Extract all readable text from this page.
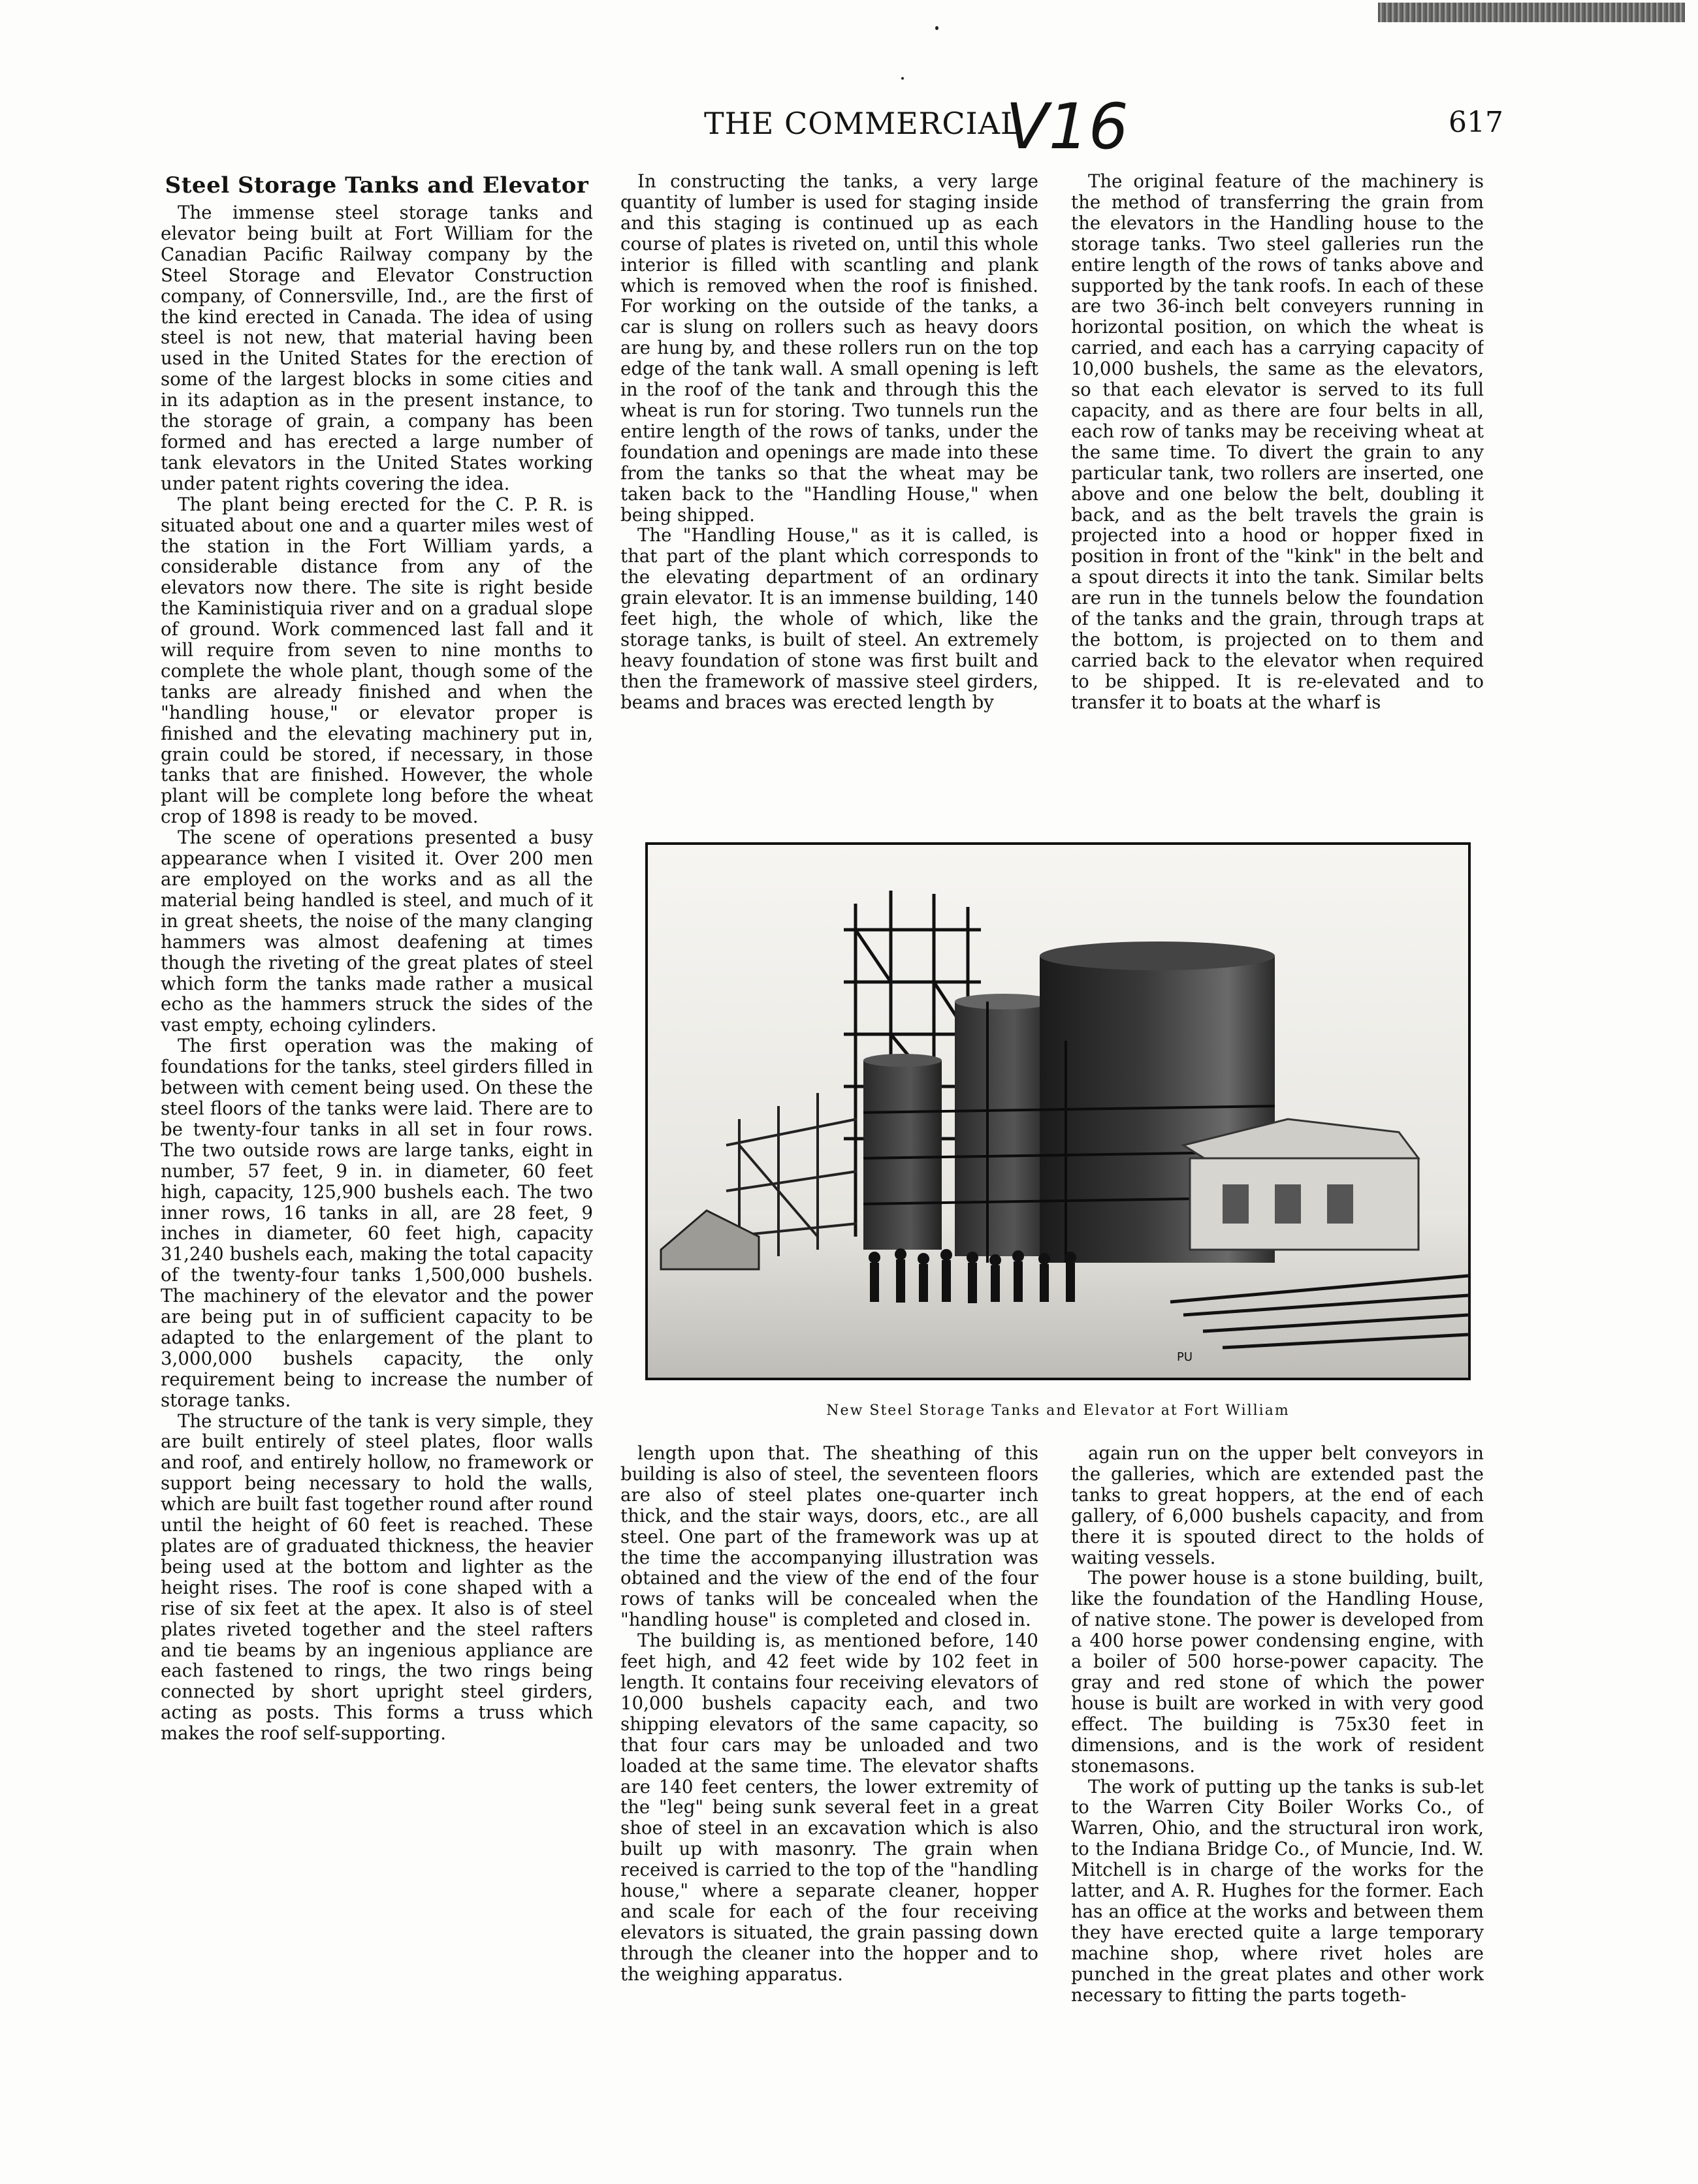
THE COMMERCIAL
V16	617
Steel Storage Tanks and Elevator

The immense steel storage tanks and elevator being built at Fort William for the Canadian Pacific Railway company by the Steel Storage and Elevator Construction company, of Connersville, Ind., are the first of the kind erected in Canada. The idea of using steel is not new, that material having been used in the United States for the erection of some of the largest blocks in some cities and in its adaption as in the present instance, to the storage of grain, a company has been formed and has erected a large number of tank elevators in the United States working under patent rights covering the idea.

The plant being erected for the C. P. R. is situated about one and a quarter miles west of the station in the Fort William yards, a considerable distance from any of the elevators now there. The site is right beside the Kaministiquia river and on a gradual slope of ground. Work commenced last fall and it will require from seven to nine months to complete the whole plant, though some of the tanks are already finished and when the "handling house," or elevator proper is finished and the elevating machinery put in, grain could be stored, if necessary, in those tanks that are finished. However, the whole plant will be complete long before the wheat crop of 1898 is ready to be moved.

The scene of operations presented a busy appearance when I visited it. Over 200 men are employed on the works and as all the material being handled is steel, and much of it in great sheets, the noise of the many clanging hammers was almost deafening at times though the riveting of the great plates of steel which form the tanks made rather a musical echo as the hammers struck the sides of the vast empty, echoing cylinders.

The first operation was the making of foundations for the tanks, steel girders filled in between with cement being used. On these the steel floors of the tanks were laid. There are to be twenty-four tanks in all set in four rows. The two outside rows are large tanks, eight in number, 57 feet, 9 in. in diameter, 60 feet high, capacity, 125,900 bushels each. The two inner rows, 16 tanks in all, are 28 feet, 9 inches in diameter, 60 feet high, capacity 31,240 bushels each, making the total capacity of the twenty-four tanks 1,500,000 bushels. The machinery of the elevator and the power are being put in of sufficient capacity to be adapted to the enlargement of the plant to 3,000,000 bushels capacity, the only requirement being to increase the number of storage tanks.

The structure of the tank is very simple, they are built entirely of steel plates, floor walls and roof, and entirely hollow, no framework or support being necessary to hold the walls, which are built fast together round after round until the height of 60 feet is reached. These plates are of graduated thickness, the heavier being used at the bottom and lighter as the height rises. The roof is cone shaped with a rise of six feet at the apex. It also is of steel plates riveted together and the steel rafters and tie beams by an ingenious appliance are each fastened to rings, the two rings being connected by short upright steel girders, acting as posts. This forms a truss which makes the roof self-supporting.

In constructing the tanks, a very large quantity of lumber is used for staging inside and this staging is continued up as each course of plates is riveted on, until this whole interior is filled with scantling and plank which is removed when the roof is finished. For working on the outside of the tanks, a car is slung on rollers such as heavy doors are hung by, and these rollers run on the top edge of the tank wall. A small opening is left in the roof of the tank and through this the wheat is run for storing. Two tunnels run the entire length of the rows of tanks, under the foundation and openings are made into these from the tanks so that the wheat may be taken back to the "Handling House," when being shipped.

The "Handling House," as it is called, is that part of the plant which corresponds to the elevating department of an ordinary grain elevator. It is an immense building, 140 feet high, the whole of which, like the storage tanks, is built of steel. An extremely heavy foundation of stone was first built and then the framework of massive steel girders, beams and braces was erected length by

The original feature of the machinery is the method of transferring the grain from the elevators in the Handling house to the storage tanks. Two steel galleries run the entire length of the rows of tanks above and supported by the tank roofs. In each of these are two 36-inch belt conveyers running in horizontal position, on which the wheat is carried, and each has a carrying capacity of 10,000 bushels, the same as the elevators, so that each elevator is served to its full capacity, and as there are four belts in all, each row of tanks may be receiving wheat at the same time. To divert the grain to any particular tank, two rollers are inserted, one above and one below the belt, doubling it back, and as the belt travels the grain is projected into a hood or hopper fixed in position in front of the "kink" in the belt and a spout directs it into the tank. Similar belts are run in the tunnels below the foundation of the tanks and the grain, through traps at the bottom, is projected on to them and carried back to the elevator when required to be shipped. It is re-elevated and to transfer it to boats at the wharf is

PU
New Steel Storage Tanks and Elevator at Fort William

length upon that. The sheathing of this building is also of steel, the seventeen floors are also of steel plates one-quarter inch thick, and the stair ways, doors, etc., are all steel. One part of the framework was up at the time the accompanying illustration was obtained and the view of the end of the four rows of tanks will be concealed when the "handling house" is completed and closed in.

The building is, as mentioned before, 140 feet high, and 42 feet wide by 102 feet in length. It contains four receiving elevators of 10,000 bushels capacity each, and two shipping elevators of the same capacity, so that four cars may be unloaded and two loaded at the same time. The elevator shafts are 140 feet centers, the lower extremity of the "leg" being sunk several feet in a great shoe of steel in an excavation which is also built up with masonry. The grain when received is carried to the top of the "handling house," where a separate cleaner, hopper and scale for each of the four receiving elevators is situated, the grain passing down through the cleaner into the hopper and to the weighing apparatus.

again run on the upper belt conveyors in the galleries, which are extended past the tanks to great hoppers, at the end of each gallery, of 6,000 bushels capacity, and from there it is spouted direct to the holds of waiting vessels.

The power house is a stone building, built, like the foundation of the Handling House, of native stone. The power is developed from a 400 horse power condensing engine, with a boiler of 500 horse-power capacity. The gray and red stone of which the power house is built are worked in with very good effect. The building is 75x30 feet in dimensions, and is the work of resident stonemasons.

The work of putting up the tanks is sub-let to the Warren City Boiler Works Co., of Warren, Ohio, and the structural iron work, to the Indiana Bridge Co., of Muncie, Ind. W. Mitchell is in charge of the works for the latter, and A. R. Hughes for the former. Each has an office at the works and between them they have erected quite a large temporary machine shop, where rivet holes are punched in the great plates and other work necessary to fitting the parts togeth-
